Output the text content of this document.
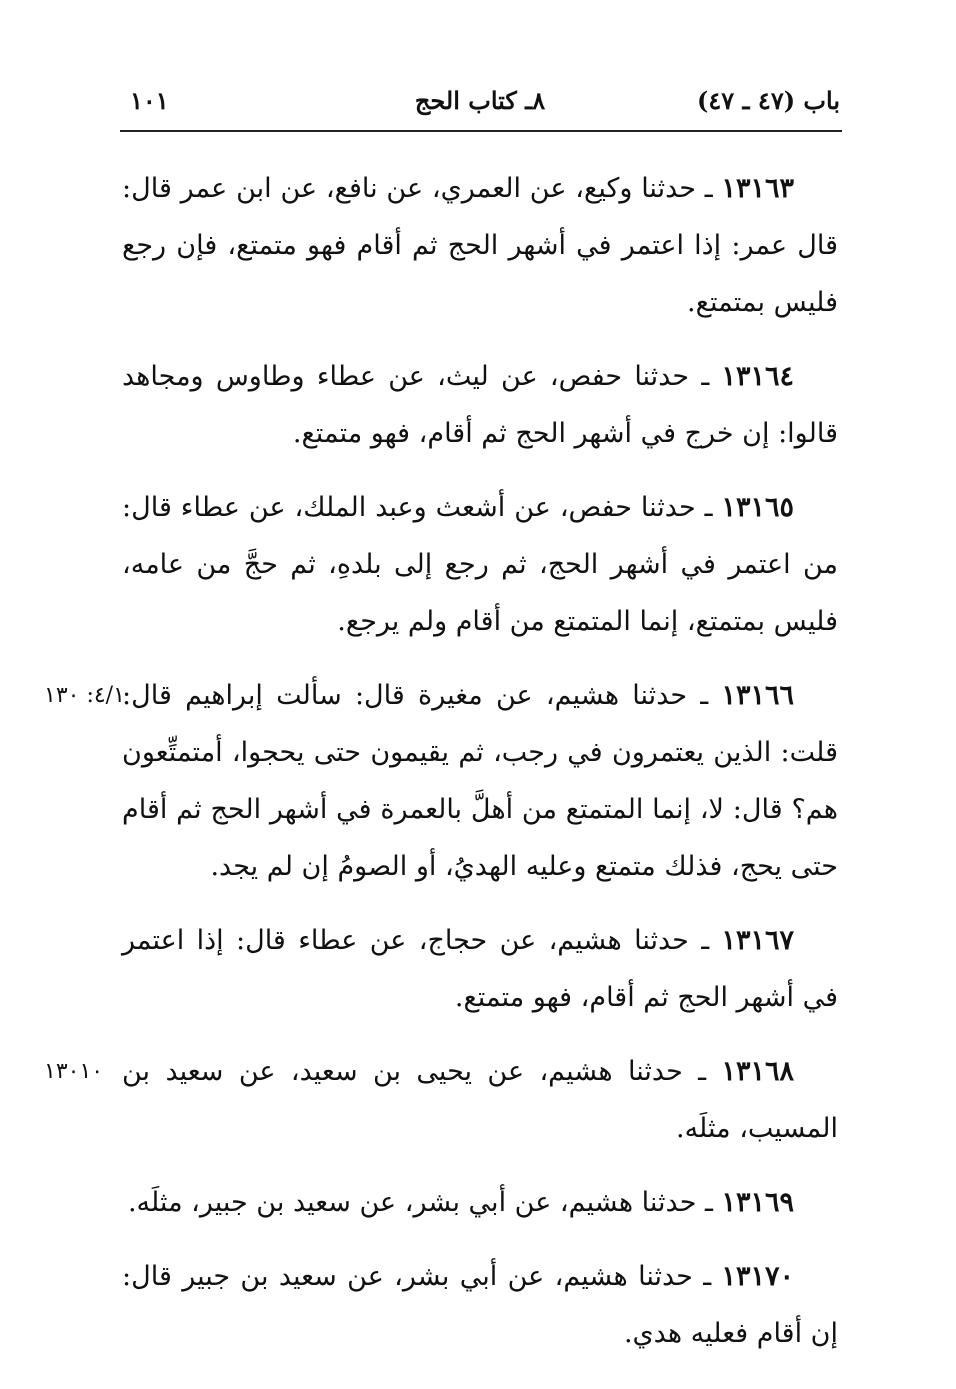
باب (٤٧ ـ ٤٧)
٨ـ كتاب الحج
١٠١

١٣١٦٣ ـ حدثنا وكيع، عن العمري، عن نافع، عن ابن عمر قال: قال عمر: إذا اعتمر في أشهر الحج ثم أقام فهو متمتع، فإن رجع فليس بمتمتع.

١٣١٦٤ ـ حدثنا حفص، عن ليث، عن عطاء وطاوس ومجاهد قالوا: إن خرج في أشهر الحج ثم أقام، فهو متمتع.

١٣١٦٥ ـ حدثنا حفص، عن أشعث وعبد الملك، عن عطاء قال: من اعتمر في أشهر الحج، ثم رجع إلى بلدهِ، ثم حجَّ من عامه، فليس بمتمتع، إنما المتمتع من أقام ولم يرجع.

٤/١: ١٣٠	١٣١٦٦ ـ حدثنا هشيم، عن مغيرة قال: سألت إبراهيم قال: قلت: الذين يعتمرون في رجب، ثم يقيمون حتى يحجوا، أمتمتِّعون هم؟ قال: لا، إنما المتمتع من أهلَّ بالعمرة في أشهر الحج ثم أقام حتى يحج، فذلك متمتع وعليه الهديُ، أو الصومُ إن لم يجد.

١٣١٦٧ ـ حدثنا هشيم، عن حجاج، عن عطاء قال: إذا اعتمر في أشهر الحج ثم أقام، فهو متمتع.

١٣٠١٠	١٣١٦٨ ـ حدثنا هشيم، عن يحيى بن سعيد، عن سعيد بن المسيب، مثلَه.

١٣١٦٩ ـ حدثنا هشيم، عن أبي بشر، عن سعيد بن جبير، مثلَه.

١٣١٧٠ ـ حدثنا هشيم، عن أبي بشر، عن سعيد بن جبير قال: إن أقام فعليه هدي.
